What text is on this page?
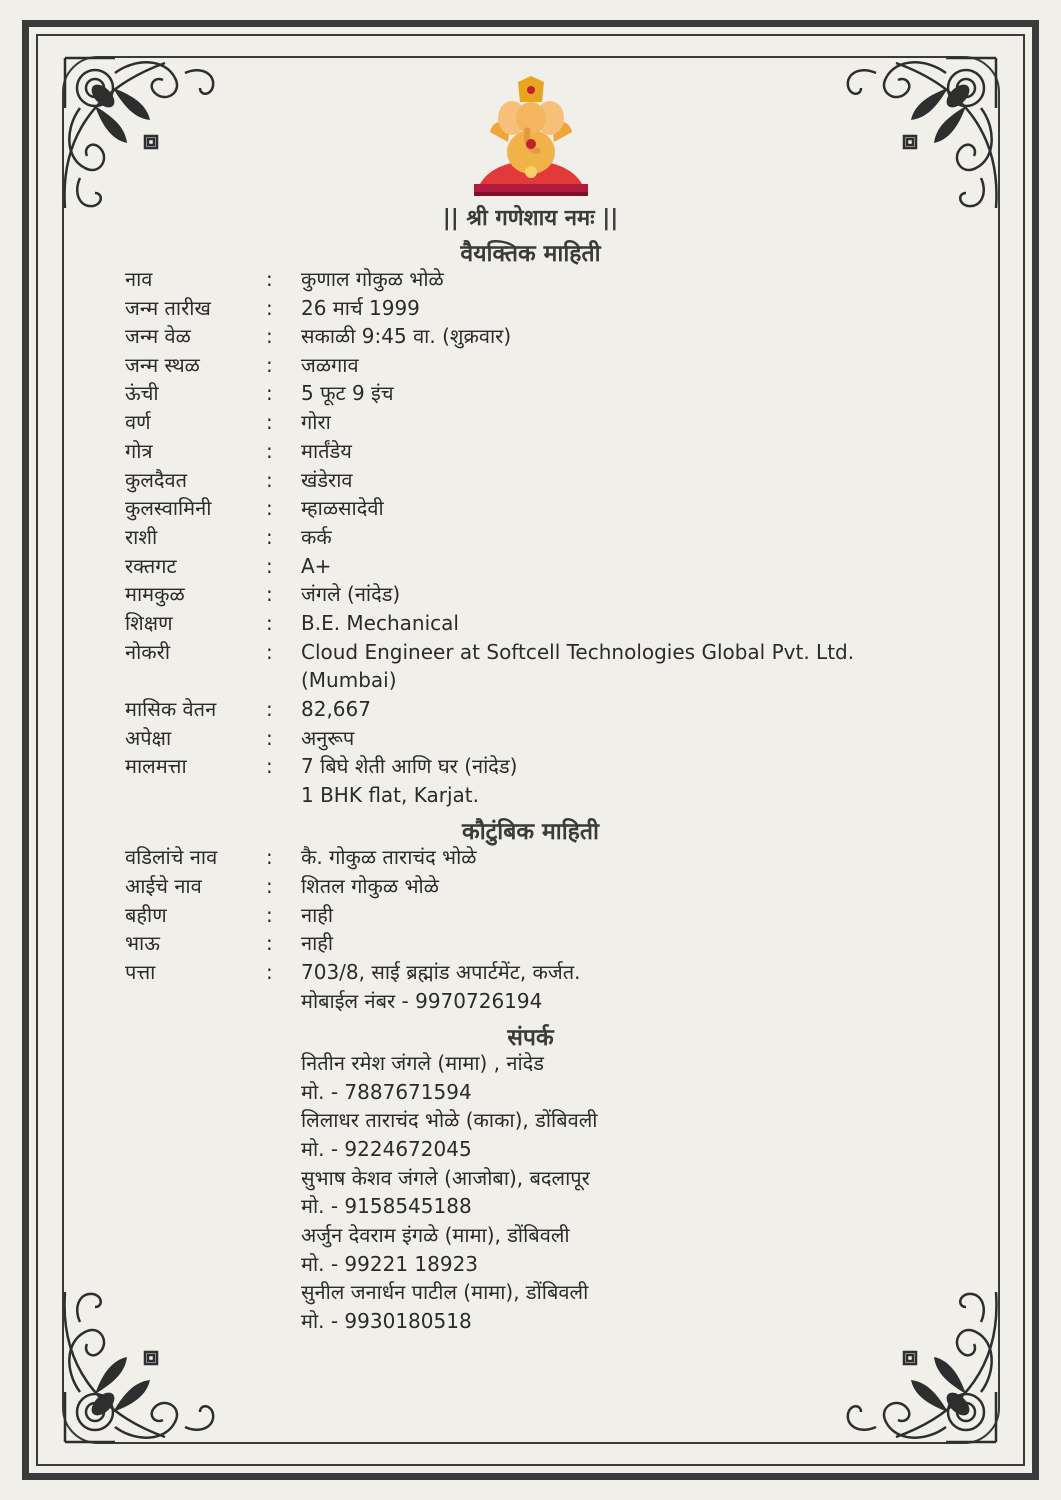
|| श्री गणेशाय नमः ||
वैयक्तिक माहिती
नाव	: कुणाल गोकुळ भोळे
जन्म तारीख	: 26 मार्च 1999
जन्म वेळ	: सकाळी 9:45 वा. (शुक्रवार)
जन्म स्थळ	: जळगाव
ऊंची	: 5 फूट 9 इंच
वर्ण	: गोरा
गोत्र	: मार्तंडेय
कुलदैवत	: खंडेराव
कुलस्वामिनी	: म्हाळसादेवी
राशी	: कर्क
रक्तगट	: A+
मामकुळ	: जंगले (नांदेड)
शिक्षण	: B.E. Mechanical
नोकरी	: Cloud Engineer at Softcell Technologies Global Pvt. Ltd.
(Mumbai)
मासिक वेतन : 82,667
अपेक्षा	: अनुरूप
मालमत्ता	: 7 बिघे शेती आणि घर (नांदेड)
1 BHK flat, Karjat.
कौटुंबिक माहिती
वडिलांचे नाव : कै. गोकुळ ताराचंद भोळे
आईचे नाव	: शितल गोकुळ भोळे
बहीण	: नाही
भाऊ	: नाही
पत्ता	: 703/8, साई ब्रह्मांड अपार्टमेंट, कर्जत.
मोबाईल नंबर - 9970726194
संपर्क
नितीन रमेश जंगले (मामा) , नांदेड
मो. - 7887671594
लिलाधर ताराचंद भोळे (काका), डोंबिवली
मो. - 9224672045
सुभाष केशव जंगले (आजोबा), बदलापूर
मो. - 9158545188
अर्जुन देवराम इंगळे (मामा), डोंबिवली
मो. - 99221 18923
सुनील जनार्धन पाटील (मामा), डोंबिवली
मो. - 9930180518
